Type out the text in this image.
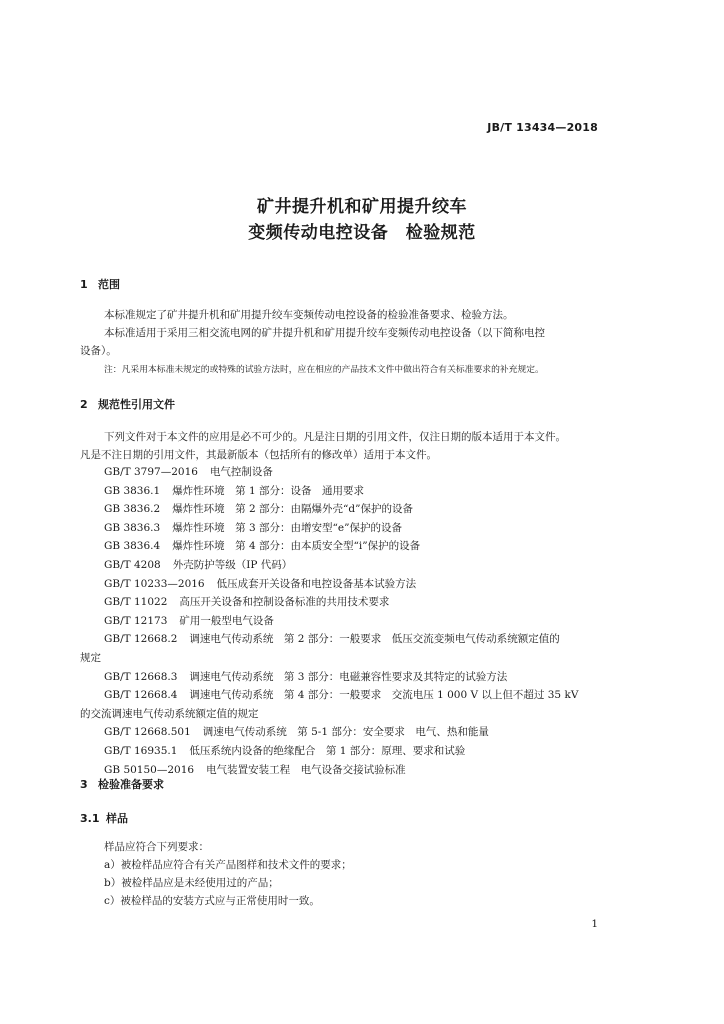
JB/T 13434—2018
矿井提升机和矿用提升绞车
变频传动电控设备　检验规范
1 范围
本标准规定了矿井提升机和矿用提升绞车变频传动电控设备的检验准备要求、检验方法。
本标准适用于采用三相交流电网的矿井提升机和矿用提升绞车变频传动电控设备（以下简称电控
设备）。
注：凡采用本标准未规定的或特殊的试验方法时，应在相应的产品技术文件中做出符合有关标准要求的补充规定。
2 规范性引用文件
下列文件对于本文件的应用是必不可少的。凡是注日期的引用文件，仅注日期的版本适用于本文件。
凡是不注日期的引用文件，其最新版本（包括所有的修改单）适用于本文件。
GB/T 3797—2016 电气控制设备
GB 3836.1 爆炸性环境　第 1 部分：设备　通用要求
GB 3836.2 爆炸性环境　第 2 部分：由隔爆外壳“d”保护的设备
GB 3836.3 爆炸性环境　第 3 部分：由增安型“e”保护的设备
GB 3836.4 爆炸性环境　第 4 部分：由本质安全型“i”保护的设备
GB/T 4208 外壳防护等级（IP 代码）
GB/T 10233—2016 低压成套开关设备和电控设备基本试验方法
GB/T 11022 高压开关设备和控制设备标准的共用技术要求
GB/T 12173 矿用一般型电气设备
GB/T 12668.2 调速电气传动系统　第 2 部分：一般要求　低压交流变频电气传动系统额定值的
规定
GB/T 12668.3 调速电气传动系统　第 3 部分：电磁兼容性要求及其特定的试验方法
GB/T 12668.4 调速电气传动系统　第 4 部分：一般要求　交流电压 1 000 V 以上但不超过 35 kV
的交流调速电气传动系统额定值的规定
GB/T 12668.501 调速电气传动系统　第 5-1 部分：安全要求　电气、热和能量
GB/T 16935.1 低压系统内设备的绝缘配合　第 1 部分：原理、要求和试验
GB 50150—2016 电气装置安装工程　电气设备交接试验标准
3 检验准备要求
3.1 样品
样品应符合下列要求：
a）被检样品应符合有关产品图样和技术文件的要求；
b）被检样品应是未经使用过的产品；
c）被检样品的安装方式应与正常使用时一致。
1
